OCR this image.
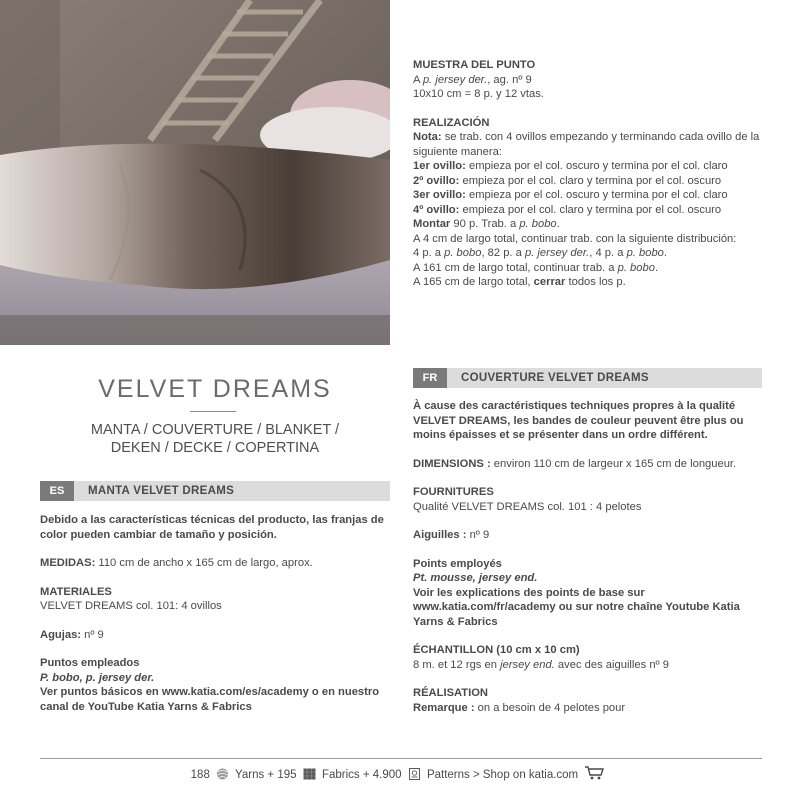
VELVET DREAMS
MANTA / COUVERTURE / BLANKET /
DEKEN / DECKE / COPERTINA
ES	MANTA VELVET DREAMS

Debido a las características técnicas del producto, las franjas de color pueden cambiar de tamaño y posición.

MEDIDAS: 110 cm de ancho x 165 cm de largo, aprox.

MATERIALES

VELVET DREAMS col. 101: 4 ovillos

Agujas: nº 9

Puntos empleados

P. bobo, p. jersey der.

Ver puntos básicos en www.katia.com/es/academy o en nuestro canal de YouTube Katia Yarns & Fabrics

MUESTRA DEL PUNTO

A p. jersey der., ag. nº 9

10x10 cm = 8 p. y 12 vtas.

REALIZACIÓN

Nota: se trab. con 4 ovillos empezando y terminando cada ovillo de la siguiente manera:

1er ovillo: empieza por el col. oscuro y termina por el col. claro

2º ovillo: empieza por el col. claro y termina por el col. oscuro

3er ovillo: empieza por el col. oscuro y termina por el col. claro

4º ovillo: empieza por el col. claro y termina por el col. oscuro

Montar 90 p. Trab. a p. bobo.

A 4 cm de largo total, continuar trab. con la siguiente distribución:

4 p. a p. bobo, 82 p. a p. jersey der., 4 p. a p. bobo.

A 161 cm de largo total, continuar trab. a p. bobo.

A 165 cm de largo total, cerrar todos los p.

FR	COUVERTURE VELVET DREAMS

À cause des caractéristiques techniques propres à la qualité VELVET DREAMS, les bandes de couleur peuvent être plus ou moins épaisses et se présenter dans un ordre différent.

DIMENSIONS : environ 110 cm de largeur x 165 cm de longueur.

FOURNITURES

Qualité VELVET DREAMS col. 101 : 4 pelotes

Aiguilles : nº 9

Points employés

Pt. mousse, jersey end.

Voir les explications des points de base sur www.katia.com/fr/academy ou sur notre chaîne Youtube Katia Yarns & Fabrics

ÉCHANTILLON (10 cm x 10 cm)

8 m. et 12 rgs en jersey end. avec des aiguilles nº 9

RÉALISATION

Remarque : on a besoin de 4 pelotes pour

188 Yarns + 195 Fabrics + 4.900 Patterns > Shop on katia.com
